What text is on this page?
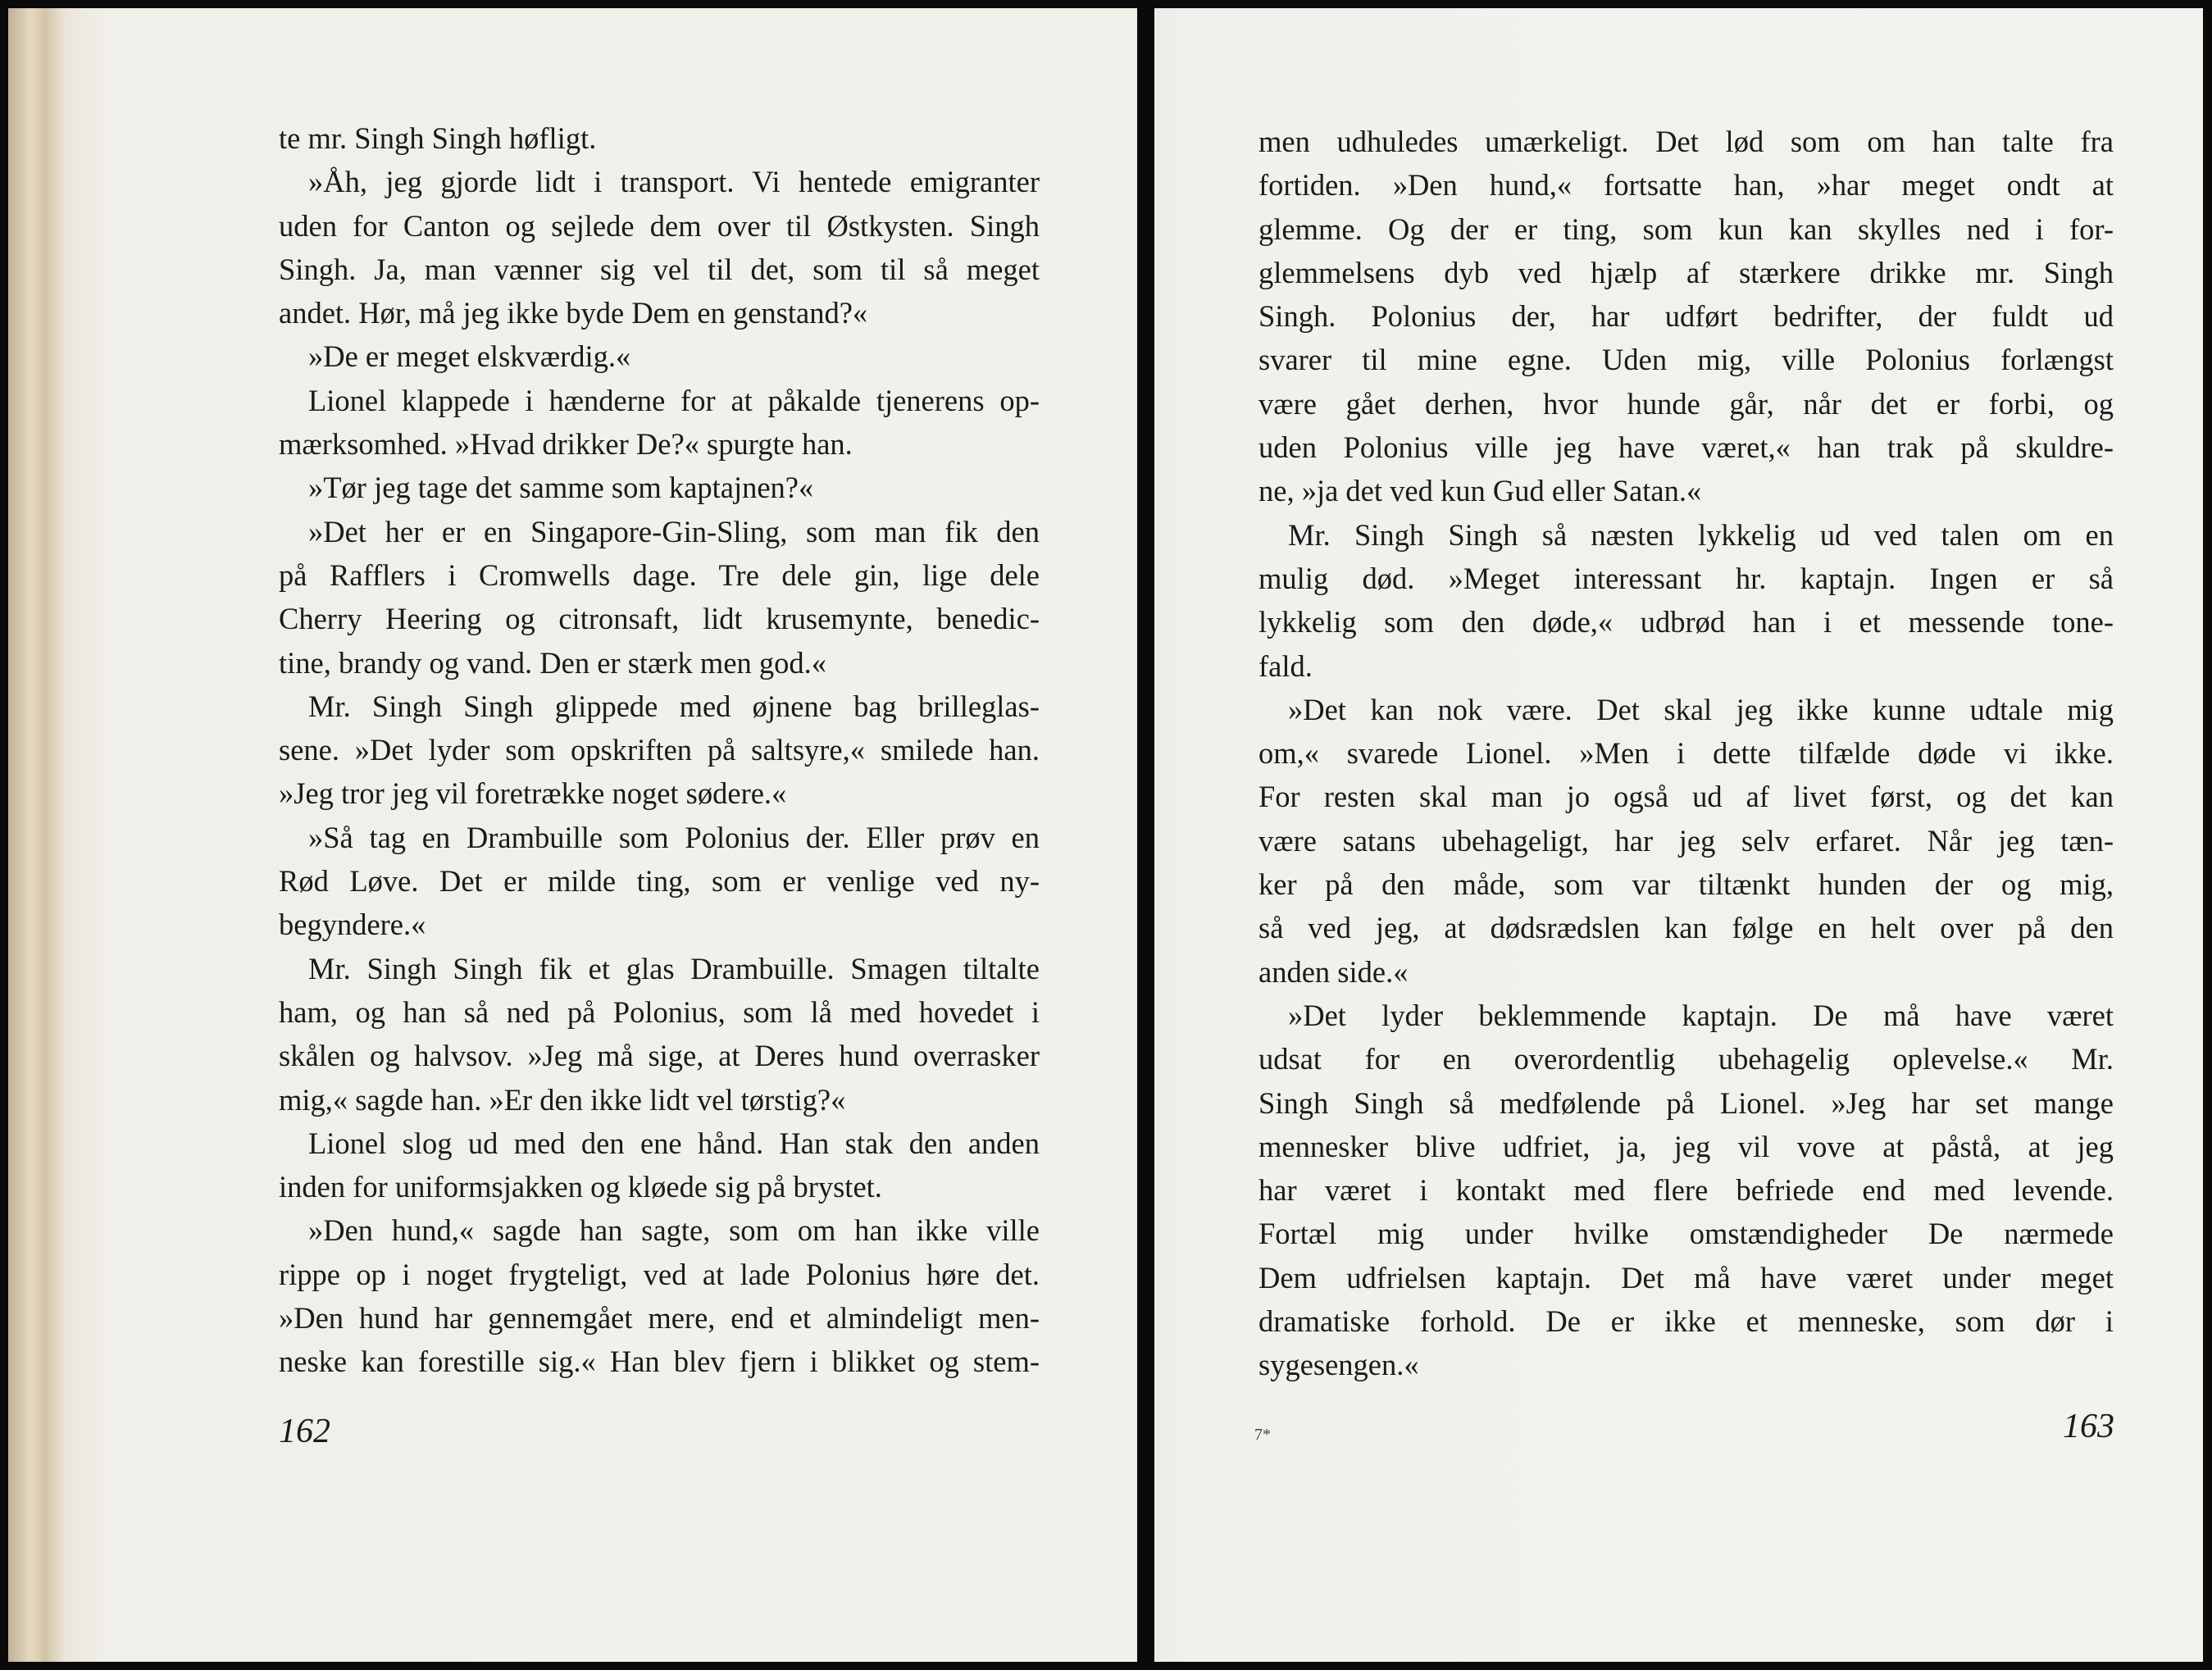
te mr. Singh Singh høfligt.
»Åh, jeg gjorde lidt i transport. Vi hentede emigranter
uden for Canton og sejlede dem over til Østkysten. Singh
Singh. Ja, man vænner sig vel til det, som til så meget
andet. Hør, må jeg ikke byde Dem en genstand?«
»De er meget elskværdig.«
Lionel klappede i hænderne for at påkalde tjenerens op-
mærksomhed. »Hvad drikker De?« spurgte han.
»Tør jeg tage det samme som kaptajnen?«
»Det her er en Singapore-Gin-Sling, som man fik den
på Rafflers i Cromwells dage. Tre dele gin, lige dele
Cherry Heering og citronsaft, lidt krusemynte, benedic-
tine, brandy og vand. Den er stærk men god.«
Mr. Singh Singh glippede med øjnene bag brilleglas-
sene. »Det lyder som opskriften på saltsyre,« smilede han.
»Jeg tror jeg vil foretrække noget sødere.«
»Så tag en Drambuille som Polonius der. Eller prøv en
Rød Løve. Det er milde ting, som er venlige ved ny-
begyndere.«
Mr. Singh Singh fik et glas Drambuille. Smagen tiltalte
ham, og han så ned på Polonius, som lå med hovedet i
skålen og halvsov. »Jeg må sige, at Deres hund overrasker
mig,« sagde han. »Er den ikke lidt vel tørstig?«
Lionel slog ud med den ene hånd. Han stak den anden
inden for uniformsjakken og kløede sig på brystet.
»Den hund,« sagde han sagte, som om han ikke ville
rippe op i noget frygteligt, ved at lade Polonius høre det.
»Den hund har gennemgået mere, end et almindeligt men-
neske kan forestille sig.« Han blev fjern i blikket og stem-
162
men udhuledes umærkeligt. Det lød som om han talte fra
fortiden. »Den hund,« fortsatte han, »har meget ondt at
glemme. Og der er ting, som kun kan skylles ned i for-
glemmelsens dyb ved hjælp af stærkere drikke mr. Singh
Singh. Polonius der, har udført bedrifter, der fuldt ud
svarer til mine egne. Uden mig, ville Polonius forlængst
være gået derhen, hvor hunde går, når det er forbi, og
uden Polonius ville jeg have været,« han trak på skuldre-
ne, »ja det ved kun Gud eller Satan.«
Mr. Singh Singh så næsten lykkelig ud ved talen om en
mulig død. »Meget interessant hr. kaptajn. Ingen er så
lykkelig som den døde,« udbrød han i et messende tone-
fald.
»Det kan nok være. Det skal jeg ikke kunne udtale mig
om,« svarede Lionel. »Men i dette tilfælde døde vi ikke.
For resten skal man jo også ud af livet først, og det kan
være satans ubehageligt, har jeg selv erfaret. Når jeg tæn-
ker på den måde, som var tiltænkt hunden der og mig,
så ved jeg, at dødsrædslen kan følge en helt over på den
anden side.«
»Det lyder beklemmende kaptajn. De må have været
udsat for en overordentlig ubehagelig oplevelse.« Mr.
Singh Singh så medfølende på Lionel. »Jeg har set mange
mennesker blive udfriet, ja, jeg vil vove at påstå, at jeg
har været i kontakt med flere befriede end med levende.
Fortæl mig under hvilke omstændigheder De nærmede
Dem udfrielsen kaptajn. Det må have været under meget
dramatiske forhold. De er ikke et menneske, som dør i
sygesengen.«
7*	163
